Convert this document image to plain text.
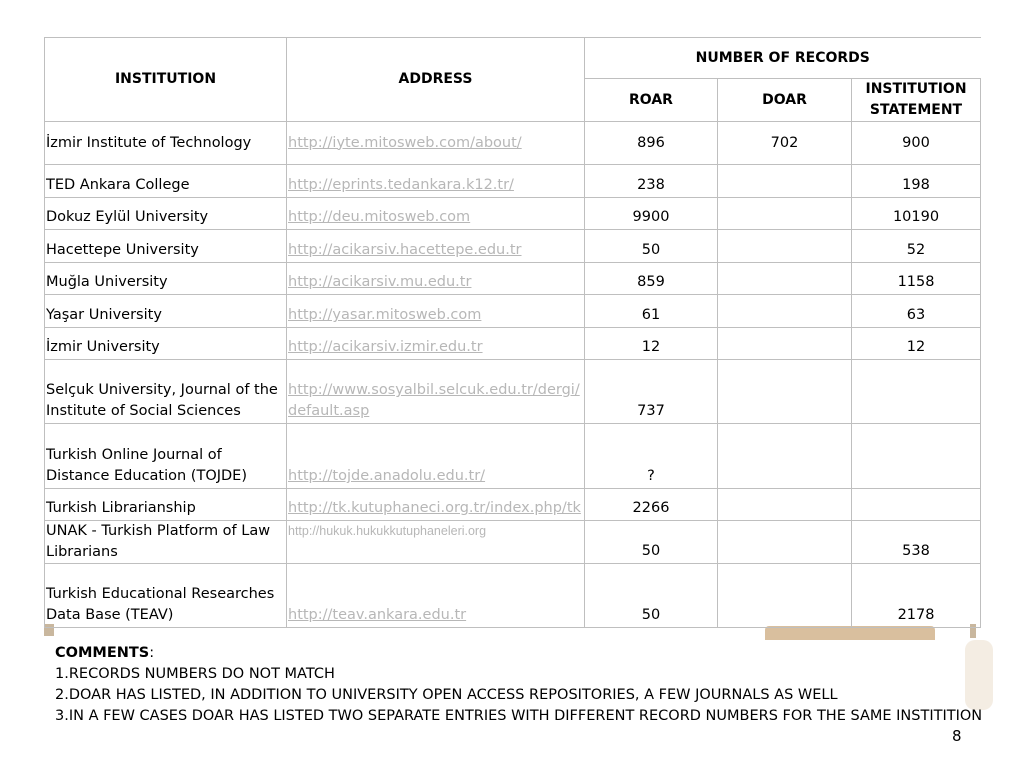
INSTITUTION	ADDRESS	NUMBER OF RECORDS		
		ROAR	DOAR	INSTITUTION STATEMENT
İzmir Institute of Technology	http://iyte.mitosweb.com/about/	896	702	900
TED Ankara College	http://eprints.tedankara.k12.tr/	238		198
Dokuz Eylül University	http://deu.mitosweb.com	9900		10190
Hacettepe University	http://acikarsiv.hacettepe.edu.tr	50		52
Muğla University	http://acikarsiv.mu.edu.tr	859		1158
Yaşar University	http://yasar.mitosweb.com	61		63
İzmir University	http://acikarsiv.izmir.edu.tr	12		12
Selçuk University, Journal of the Institute of Social Sciences	http://www.sosyalbil.selcuk.edu.tr/dergi/default.asp	737		
Turkish Online Journal of Distance Education (TOJDE)	http://tojde.anadolu.edu.tr/	?		
Turkish Librarianship	http://tk.kutuphaneci.org.tr/index.php/tk	2266		
UNAK - Turkish Platform of Law Librarians	http://hukuk.hukukkutuphaneleri.org	50		538
Turkish Educational Researches Data Base (TEAV)	http://teav.ankara.edu.tr	50		2178
COMMENTS:
1.RECORDS NUMBERS DO NOT MATCH
2.DOAR HAS LISTED, IN ADDITION TO UNIVERSITY OPEN ACCESS REPOSITORIES, A FEW JOURNALS AS WELL
3.IN A FEW CASES DOAR HAS LISTED TWO SEPARATE ENTRIES WITH DIFFERENT RECORD NUMBERS FOR THE SAME INSTITITION
8
